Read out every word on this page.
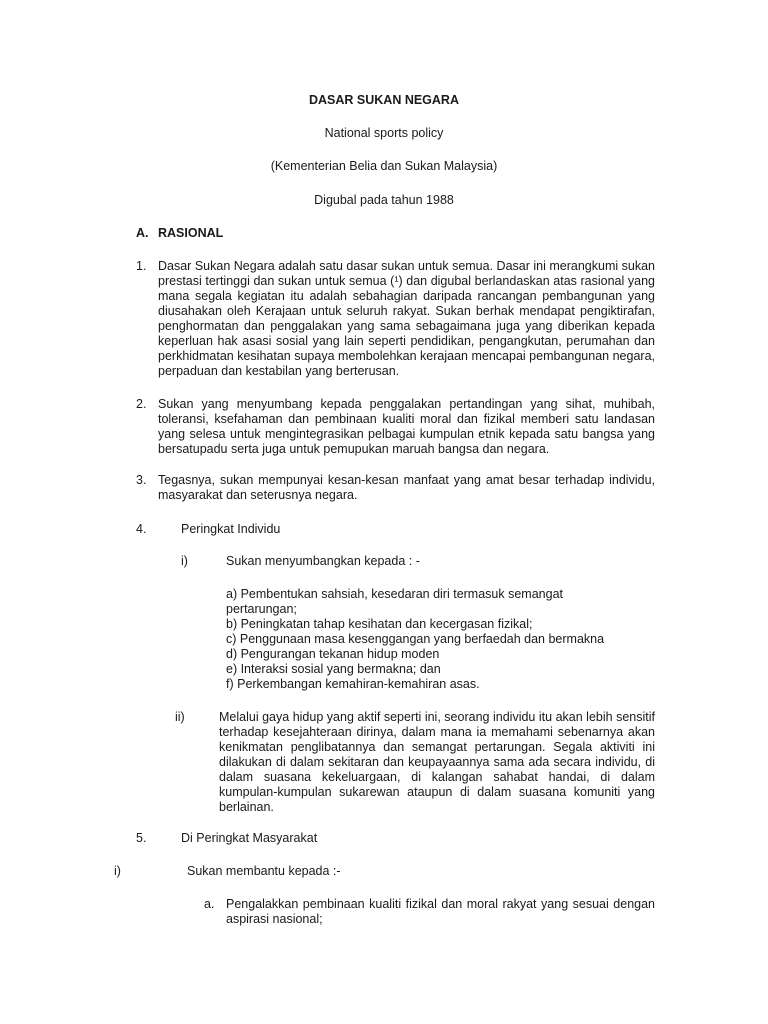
DASAR SUKAN NEGARA
National sports policy
(Kementerian Belia dan Sukan Malaysia)
Digubal pada tahun 1988
A. RASIONAL
1. Dasar Sukan Negara adalah satu dasar sukan untuk semua. Dasar ini merangkumi sukan prestasi tertinggi dan sukan untuk semua (¹) dan digubal berlandaskan atas rasional yang mana segala kegiatan itu adalah sebahagian daripada rancangan pembangunan yang diusahakan oleh Kerajaan untuk seluruh rakyat. Sukan berhak mendapat pengiktirafan, penghormatan dan penggalakan yang sama sebagaimana juga yang diberikan kepada keperluan hak asasi sosial yang lain seperti pendidikan, pengangkutan, perumahan dan perkhidmatan kesihatan supaya membolehkan kerajaan mencapai pembangunan negara, perpaduan dan kestabilan yang berterusan.
2. Sukan yang menyumbang kepada penggalakan pertandingan yang sihat, muhibah, toleransi, ksefahaman dan pembinaan kualiti moral dan fizikal memberi satu landasan yang selesa untuk mengintegrasikan pelbagai kumpulan etnik kepada satu bangsa yang bersatupadu serta juga untuk pemupukan maruah bangsa dan negara.
3. Tegasnya, sukan mempunyai kesan-kesan manfaat yang amat besar terhadap individu, masyarakat dan seterusnya negara.
4.	Peringkat Individu
i)	Sukan menyumbangkan kepada : -
a) Pembentukan sahsiah, kesedaran diri termasuk semangat
pertarungan;
b) Peningkatan tahap kesihatan dan kecergasan fizikal;
c) Penggunaan masa kesenggangan yang berfaedah dan bermakna
d) Pengurangan tekanan hidup moden
e) Interaksi sosial yang bermakna; dan
f) Perkembangan kemahiran-kemahiran asas.
ii)	Melalui gaya hidup yang aktif seperti ini, seorang individu itu akan lebih sensitif terhadap kesejahteraan dirinya, dalam mana ia memahami sebenarnya akan kenikmatan penglibatannya dan semangat pertarungan. Segala aktiviti ini dilakukan di dalam sekitaran dan keupayaannya sama ada secara individu, di dalam suasana kekeluargaan, di kalangan sahabat handai, di dalam kumpulan-kumpulan sukarewan ataupun di dalam suasana komuniti yang berlainan.
5.	Di Peringkat Masyarakat
i)	Sukan membantu kepada :-
a. Pengalakkan pembinaan kualiti fizikal dan moral rakyat yang sesuai dengan aspirasi nasional;
